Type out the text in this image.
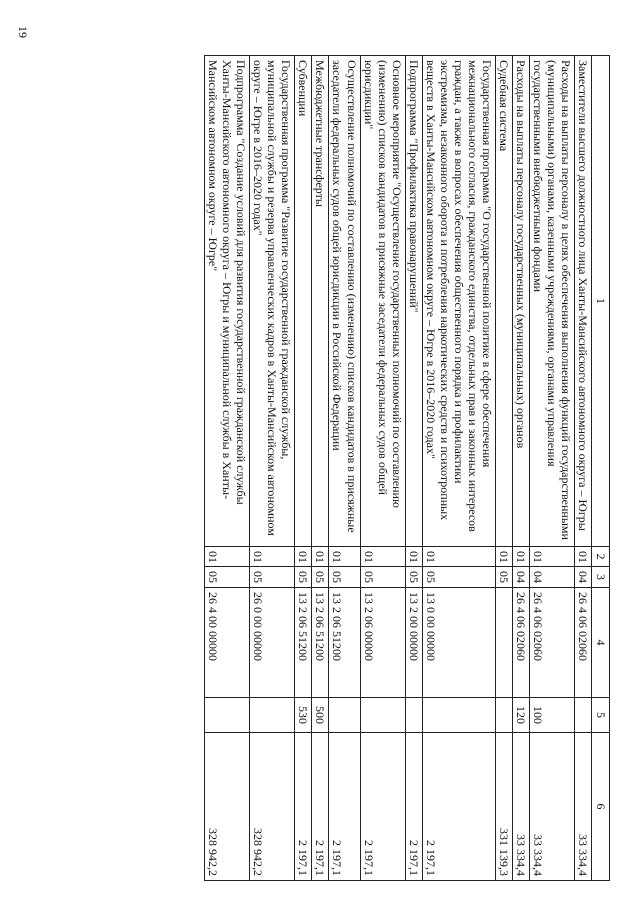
19
1	2	3	4	5	6
Заместители высшего должностного лица Ханты-Мансийского автономного округа – Югры	01	04	26 4 06 02060		33 334,4
Расходы на выплаты персоналу в целях обеспечения выполнения функций государственными (муниципальными) органами, казенными учреждениями, органами управления государственными внебюджетными фондами	01	04	26 4 06 02060	100	33 334,4
Расходы на выплаты персоналу государственных (муниципальных) органов	01	04	26 4 06 02060	120	33 334,4
Судебная система	01	05			331 139,3
Государственная программа "О государственной политике в сфере обеспечения межнационального согласия, гражданского единства, отдельных прав и законных интересов граждан, а также в вопросах обеспечения общественного порядка и профилактики экстремизма, незаконного оборота и потребления наркотических средств и психотропных веществ в Ханты-Мансийском автономном округе – Югре в 2016–2020 годах"	01	05	13 0 00 00000		2 197,1
Подпрограмма "Профилактика правонарушений"	01	05	13 2 00 00000		2 197,1
Основное мероприятие "Осуществление государственных полномочий по составлению (изменению) списков кандидатов в присяжные заседатели федеральных судов общей юрисдикции"	01	05	13 2 06 00000		2 197,1
Осуществление полномочий по составлению (изменению) списков кандидатов в присяжные заседатели федеральных судов общей юрисдикции в Российской Федерации	01	05	13 2 06 51200		2 197,1
Межбюджетные трансферты	01	05	13 2 06 51200	500	2 197,1
Субвенции	01	05	13 2 06 51200	530	2 197,1
Государственная программа "Развитие государственной гражданской службы, муниципальной службы и резерва управленческих кадров в Ханты-Мансийском автономном округе – Югре в 2016–2020 годах"	01	05	26 0 00 00000		328 942,2
Подпрограмма "Создание условий для развития государственной гражданской службы Ханты-Мансийского автономного округа – Югры и муниципальной службы в Ханты-Мансийском автономном округе – Югре"	01	05	26 4 00 00000		328 942,2
